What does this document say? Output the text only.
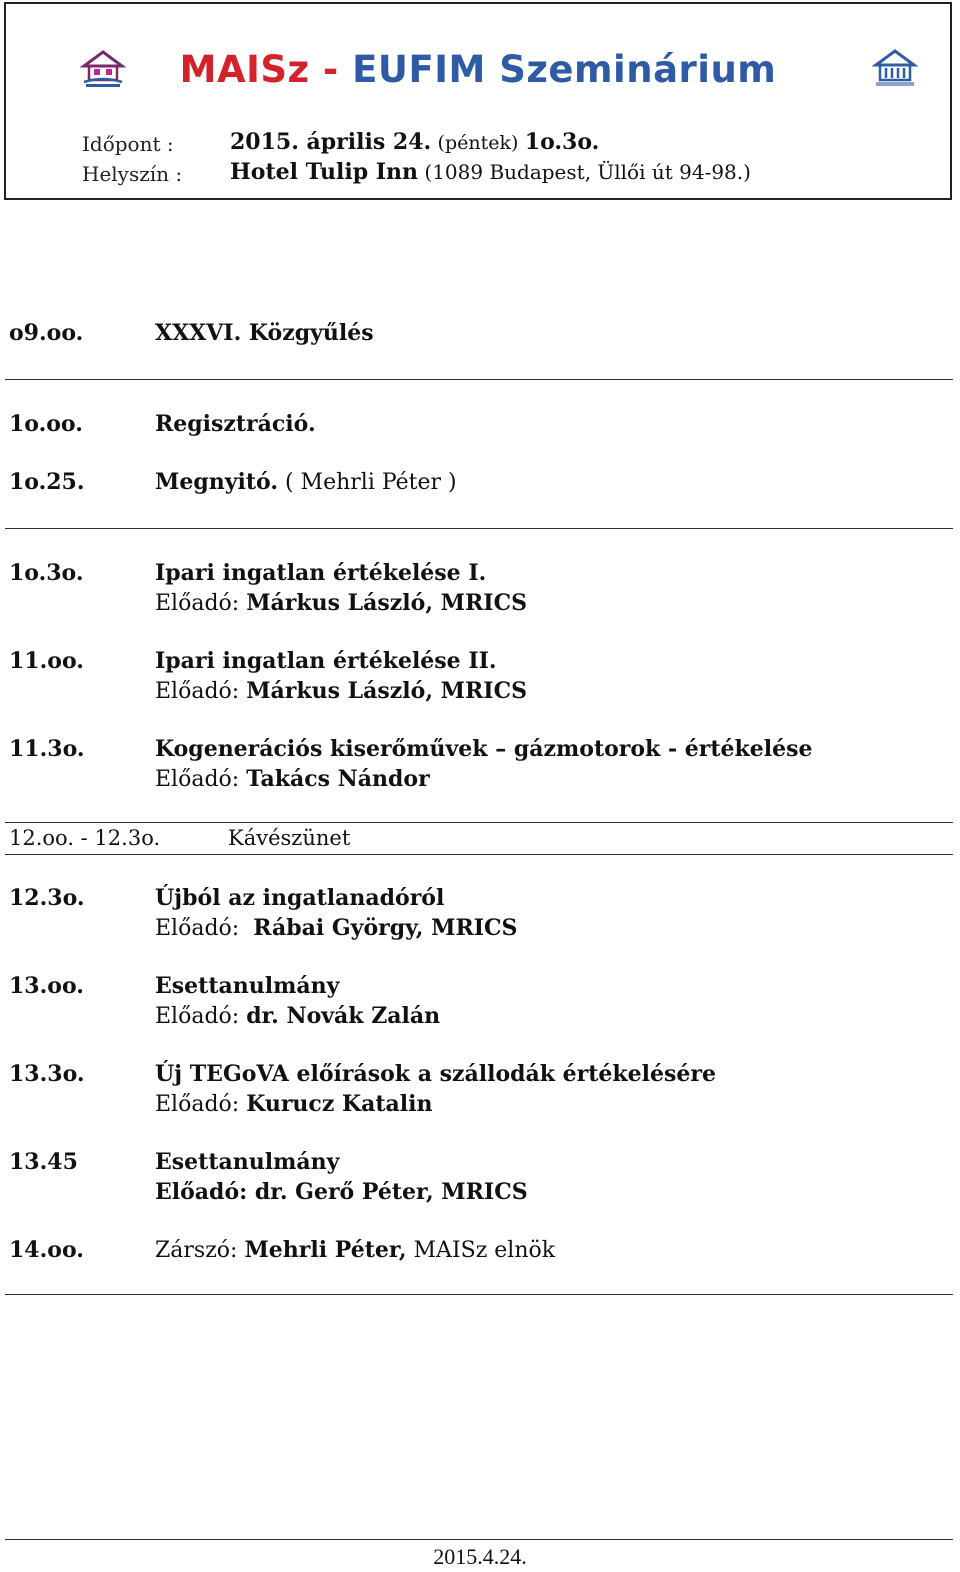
MAISz - EUFIM Szeminárium
Időpont :	2015. április 24. (péntek) 1o.3o.
Helyszín : Hotel Tulip Inn (1089 Budapest, Üllői út 94-98.)
o9.oo.	XXXVI. Közgyűlés
1o.oo.	Regisztráció.
1o.25.	Megnyitó. ( Mehrli Péter )
1o.3o.	Ipari ingatlan értékelése I.
Előadó: Márkus László, MRICS
11.oo.	Ipari ingatlan értékelése II.
Előadó: Márkus László, MRICS
11.3o.	Kogenerációs kiserőművek – gázmotorok - értékelése
Előadó: Takács Nándor
12.oo. - 12.3o.	Kávészünet
12.3o.	Újból az ingatlanadóról
Előadó:  Rábai György, MRICS
13.oo.	Esettanulmány
Előadó: dr. Novák Zalán
13.3o.	Új TEGoVA előírások a szállodák értékelésére
Előadó: Kurucz Katalin
13.45	Esettanulmány
Előadó: dr. Gerő Péter, MRICS
14.oo.	Zárszó: Mehrli Péter, MAISz elnök
2015.4.24.
